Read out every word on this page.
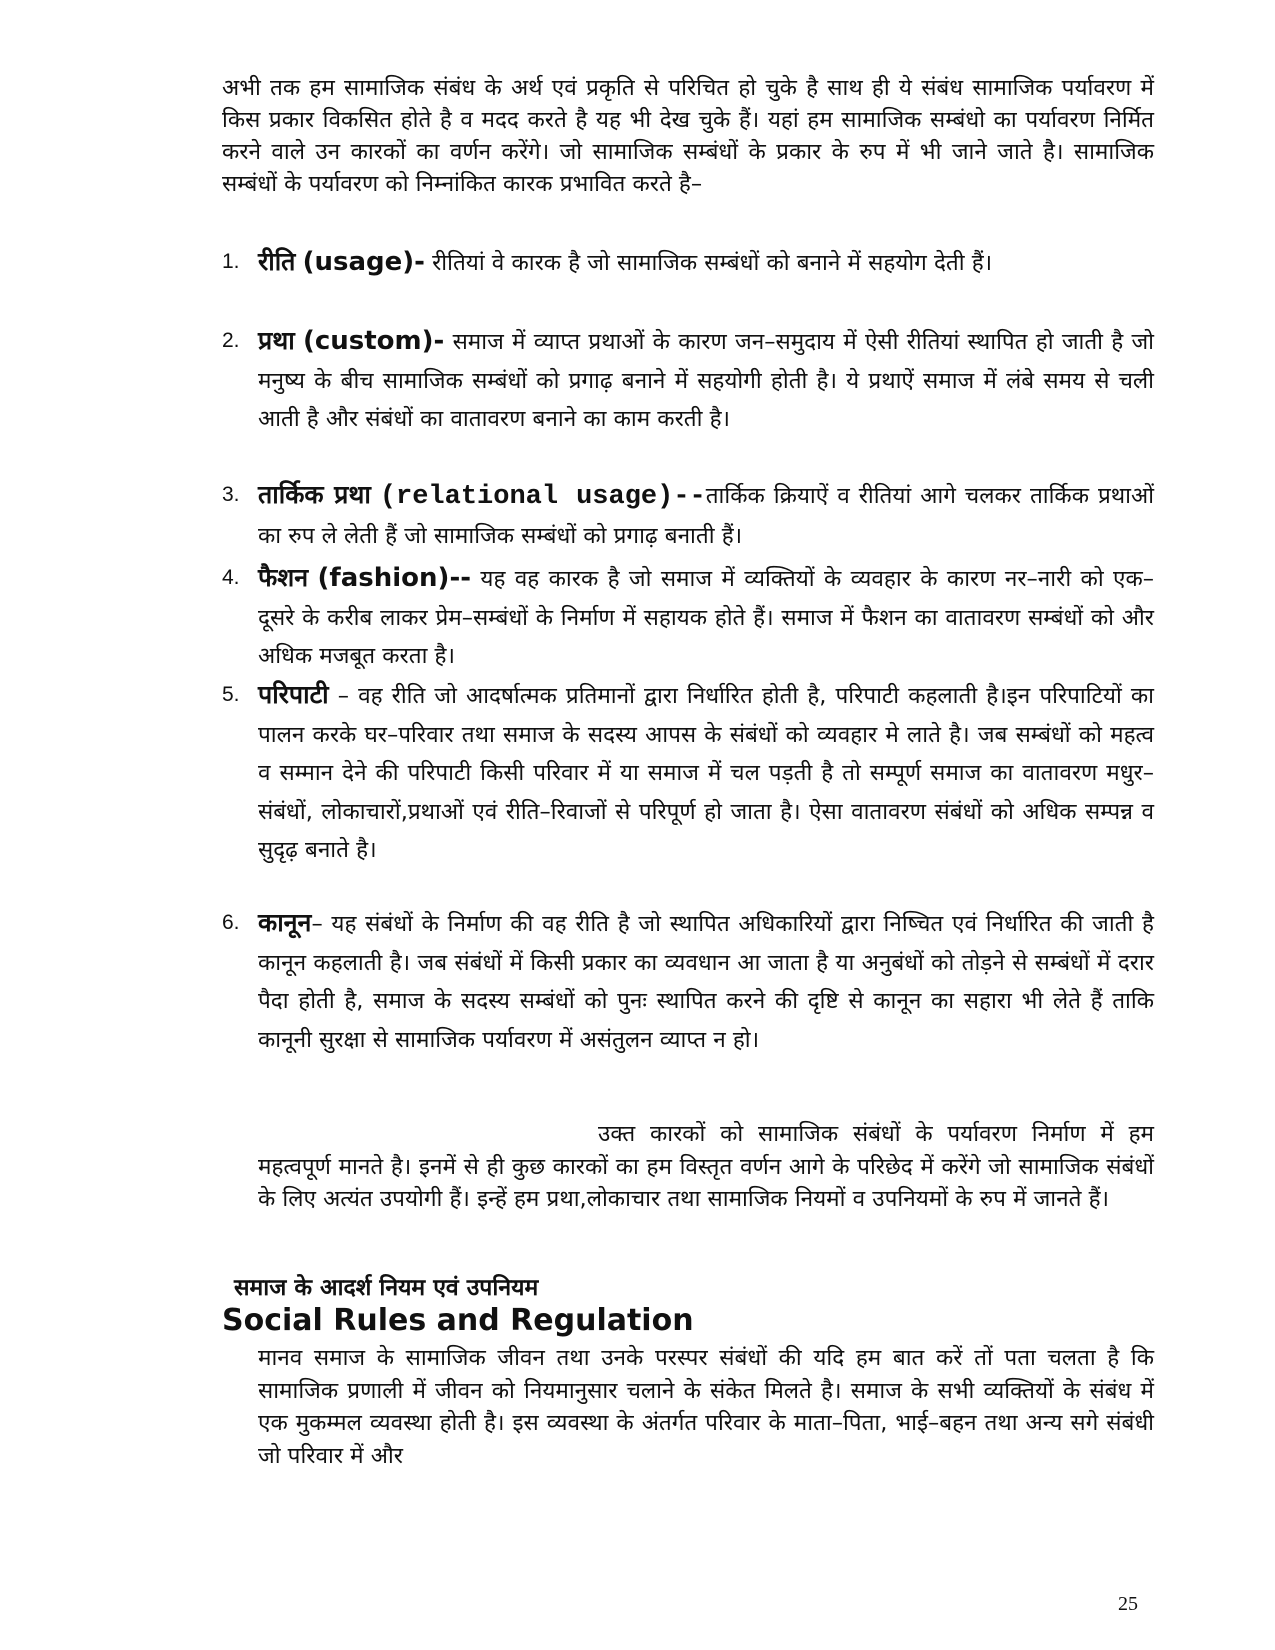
अभी तक हम सामाजिक संबंध के अर्थ एवं प्रकृति से परिचित हो चुके है साथ ही ये संबंध सामाजिक पर्यावरण में किस प्रकार विकसित होते है व मदद करते है यह भी देख चुके हैं। यहां हम सामाजिक सम्बंधो का पर्यावरण निर्मित करने वाले उन कारकों का वर्णन करेंगे। जो सामाजिक सम्बंधों के प्रकार के रुप में भी जाने जाते है। सामाजिक सम्बंधों के पर्यावरण को निम्नांकित कारक प्रभावित करते है–

1. रीति (usage)- रीतियां वे कारक है जो सामाजिक सम्बंधों को बनाने में सहयोग देती हैं।

2. प्रथा (custom)- समाज में व्याप्त प्रथाओं के कारण जन–समुदाय में ऐसी रीतियां स्थापित हो जाती है जो मनुष्य के बीच सामाजिक सम्बंधों को प्रगाढ़ बनाने में सहयोगी होती है। ये प्रथाऐं समाज में लंबे समय से चली आती है और संबंधों का वातावरण बनाने का काम करती है।

3. तार्किक प्रथा (relational usage)--तार्किक क्रियाऐं व रीतियां आगे चलकर तार्किक प्रथाओं का रुप ले लेती हैं जो सामाजिक सम्बंधों को प्रगाढ़ बनाती हैं।

4. फैशन (fashion)-- यह वह कारक है जो समाज में व्यक्तियों के व्यवहार के कारण नर–नारी को एक–दूसरे के करीब लाकर प्रेम–सम्बंधों के निर्माण में सहायक होते हैं। समाज में फैशन का वातावरण सम्बंधों को और अधिक मजबूत करता है।

5. परिपाटी – वह रीति जो आदर्षात्मक प्रतिमानों द्वारा निर्धारित होती है, परिपाटी कहलाती है।इन परिपाटियों का पालन करके घर–परिवार तथा समाज के सदस्य आपस के संबंधों को व्यवहार मे लाते है। जब सम्बंधों को महत्व व सम्मान देने की परिपाटी किसी परिवार में या समाज में चल पड़ती है तो सम्पूर्ण समाज का वातावरण मधुर–संबंधों, लोकाचारों,प्रथाओं एवं रीति–रिवाजों से परिपूर्ण हो जाता है। ऐसा वातावरण संबंधों को अधिक सम्पन्न व सुदृढ़ बनाते है।

6. कानून– यह संबंधों के निर्माण की वह रीति है जो स्थापित अधिकारियों द्वारा निष्चित एवं निर्धारित की जाती है कानून कहलाती है। जब संबंधों में किसी प्रकार का व्यवधान आ जाता है या अनुबंधों को तोड़ने से सम्बंधों में दरार पैदा होती है, समाज के सदस्य सम्बंधों को पुनः स्थापित करने की दृष्टि से कानून का सहारा भी लेते हैं ताकि कानूनी सुरक्षा से सामाजिक पर्यावरण में असंतुलन व्याप्त न हो।

उक्त कारकों को सामाजिक संबंधों के पर्यावरण निर्माण में हम महत्वपूर्ण मानते है। इनमें से ही कुछ कारकों का हम विस्तृत वर्णन आगे के परिछेद में करेंगे जो सामाजिक संबंधों के लिए अत्यंत उपयोगी हैं। इन्हें हम प्रथा,लोकाचार तथा सामाजिक नियमों व उपनियमों के रुप में जानते हैं।

समाज के आदर्श नियम एवं उपनियम

Social Rules and Regulation

मानव समाज के सामाजिक जीवन तथा उनके परस्पर संबंधों की यदि हम बात करें तों पता चलता है कि सामाजिक प्रणाली में जीवन को नियमानुसार चलाने के संकेत मिलते है। समाज के सभी व्यक्तियों के संबंध में एक मुकम्मल व्यवस्था होती है। इस व्यवस्था के अंतर्गत परिवार के माता–पिता, भाई–बहन तथा अन्य सगे संबंधी जो परिवार में और

25
